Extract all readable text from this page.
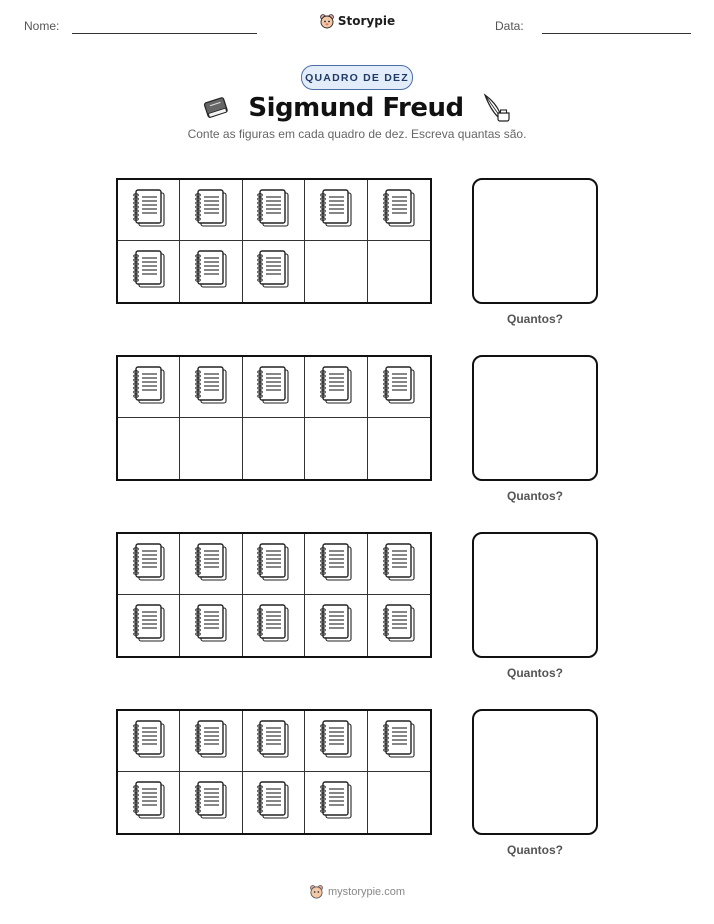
Nome:	Storypie	Data:
QUADRO DE DEZ
Sigmund Freud
Conte as figuras em cada quadro de dez. Escreva quantas são.
Quantos?
Quantos?
Quantos?
Quantos?
mystorypie.com
